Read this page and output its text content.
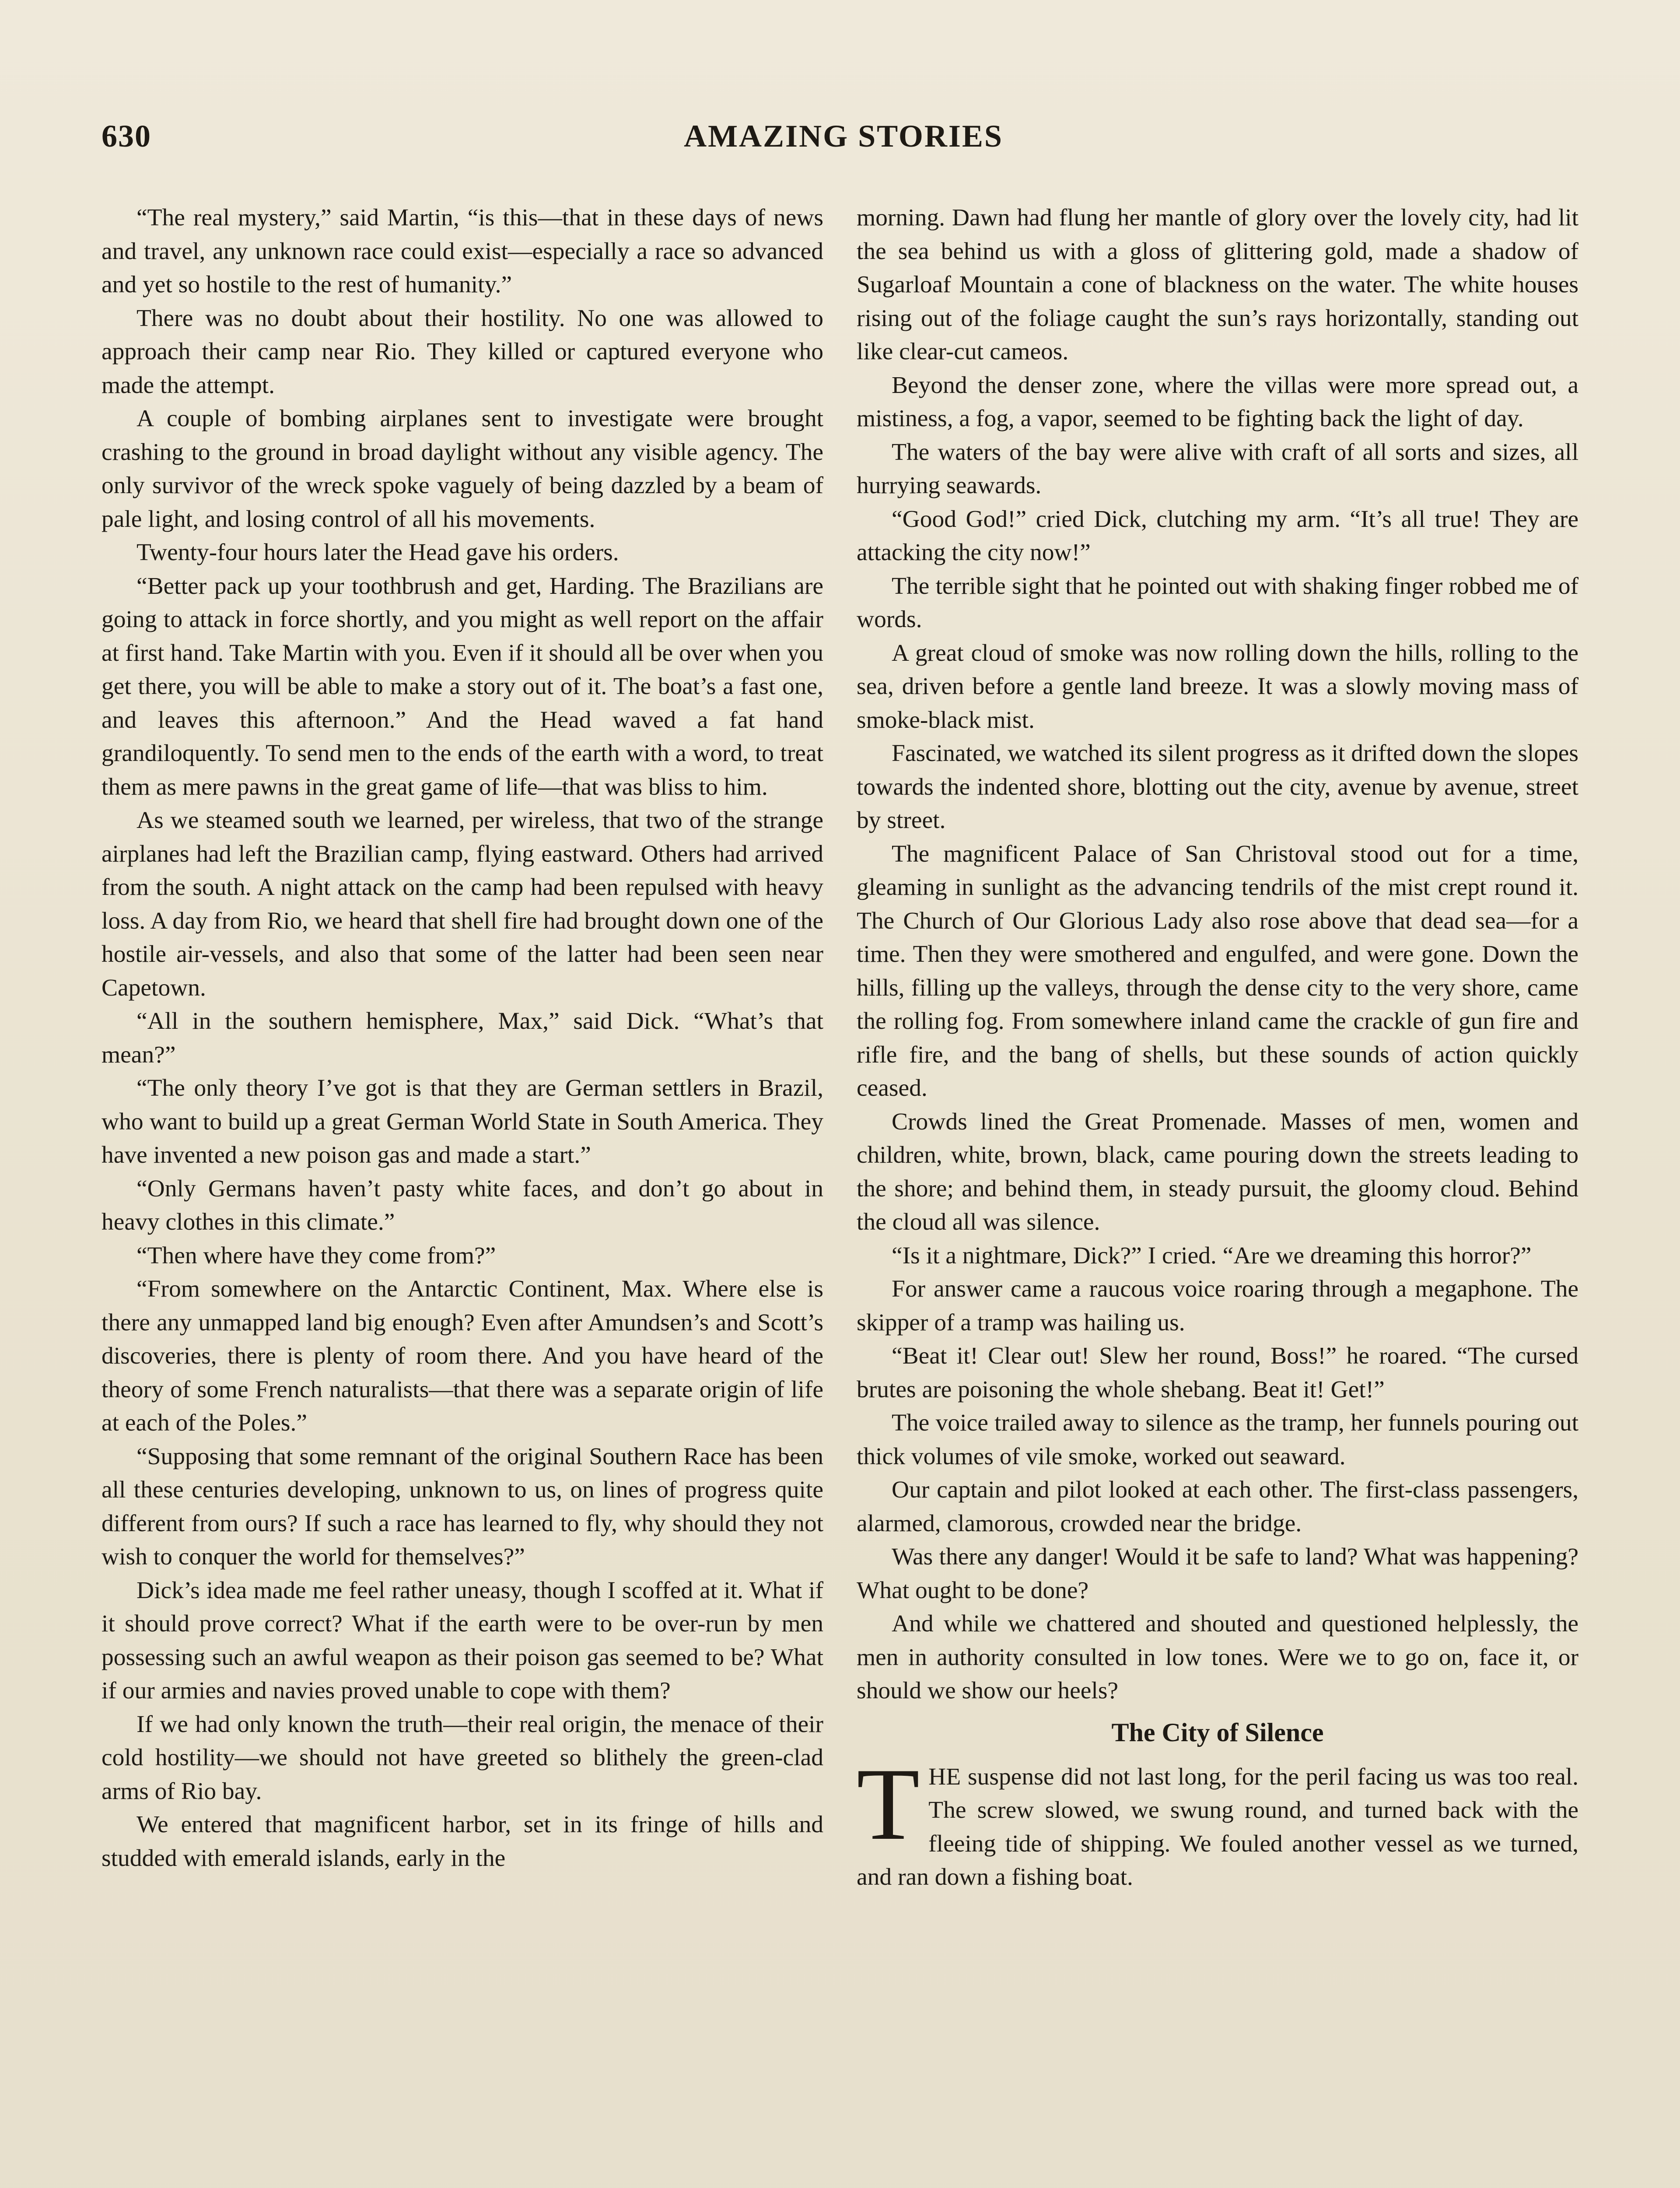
630	AMAZING STORIES

“The real mystery,” said Martin, “is this—that in these days of news and travel, any unknown race could exist—especially a race so advanced and yet so hostile to the rest of humanity.”

There was no doubt about their hostility. No one was allowed to approach their camp near Rio. They killed or captured everyone who made the attempt.

A couple of bombing airplanes sent to investigate were brought crashing to the ground in broad daylight without any visible agency. The only survivor of the wreck spoke vaguely of being dazzled by a beam of pale light, and losing control of all his movements.

Twenty-four hours later the Head gave his orders.

“Better pack up your toothbrush and get, Harding. The Brazilians are going to attack in force shortly, and you might as well report on the affair at first hand. Take Martin with you. Even if it should all be over when you get there, you will be able to make a story out of it. The boat’s a fast one, and leaves this afternoon.” And the Head waved a fat hand grandiloquently. To send men to the ends of the earth with a word, to treat them as mere pawns in the great game of life—that was bliss to him.

As we steamed south we learned, per wireless, that two of the strange airplanes had left the Brazilian camp, flying eastward. Others had arrived from the south. A night attack on the camp had been repulsed with heavy loss. A day from Rio, we heard that shell fire had brought down one of the hostile air-vessels, and also that some of the latter had been seen near Capetown.

“All in the southern hemisphere, Max,” said Dick. “What’s that mean?”

“The only theory I’ve got is that they are German settlers in Brazil, who want to build up a great German World State in South America. They have invented a new poison gas and made a start.”

“Only Germans haven’t pasty white faces, and don’t go about in heavy clothes in this climate.”

“Then where have they come from?”

“From somewhere on the Antarctic Continent, Max. Where else is there any unmapped land big enough? Even after Amundsen’s and Scott’s discoveries, there is plenty of room there. And you have heard of the theory of some French naturalists—that there was a separate origin of life at each of the Poles.”

“Supposing that some remnant of the original Southern Race has been all these centuries developing, unknown to us, on lines of progress quite different from ours? If such a race has learned to fly, why should they not wish to conquer the world for themselves?”

Dick’s idea made me feel rather uneasy, though I scoffed at it. What if it should prove correct? What if the earth were to be over-run by men possessing such an awful weapon as their poison gas seemed to be? What if our armies and navies proved unable to cope with them?

If we had only known the truth—their real origin, the menace of their cold hostility—we should not have greeted so blithely the green-clad arms of Rio bay.

We entered that magnificent harbor, set in its fringe of hills and studded with emerald islands, early in the

morning. Dawn had flung her mantle of glory over the lovely city, had lit the sea behind us with a gloss of glittering gold, made a shadow of Sugarloaf Mountain a cone of blackness on the water. The white houses rising out of the foliage caught the sun’s rays horizontally, standing out like clear-cut cameos.

Beyond the denser zone, where the villas were more spread out, a mistiness, a fog, a vapor, seemed to be fighting back the light of day.

The waters of the bay were alive with craft of all sorts and sizes, all hurrying seawards.

“Good God!” cried Dick, clutching my arm. “It’s all true! They are attacking the city now!”

The terrible sight that he pointed out with shaking finger robbed me of words.

A great cloud of smoke was now rolling down the hills, rolling to the sea, driven before a gentle land breeze. It was a slowly moving mass of smoke-black mist.

Fascinated, we watched its silent progress as it drifted down the slopes towards the indented shore, blotting out the city, avenue by avenue, street by street.

The magnificent Palace of San Christoval stood out for a time, gleaming in sunlight as the advancing tendrils of the mist crept round it. The Church of Our Glorious Lady also rose above that dead sea—for a time. Then they were smothered and engulfed, and were gone. Down the hills, filling up the valleys, through the dense city to the very shore, came the rolling fog. From somewhere inland came the crackle of gun fire and rifle fire, and the bang of shells, but these sounds of action quickly ceased.

Crowds lined the Great Promenade. Masses of men, women and children, white, brown, black, came pouring down the streets leading to the shore; and behind them, in steady pursuit, the gloomy cloud. Behind the cloud all was silence.

“Is it a nightmare, Dick?” I cried. “Are we dreaming this horror?”

For answer came a raucous voice roaring through a megaphone. The skipper of a tramp was hailing us.

“Beat it! Clear out! Slew her round, Boss!” he roared. “The cursed brutes are poisoning the whole shebang. Beat it! Get!”

The voice trailed away to silence as the tramp, her funnels pouring out thick volumes of vile smoke, worked out seaward.

Our captain and pilot looked at each other. The first-class passengers, alarmed, clamorous, crowded near the bridge.

Was there any danger! Would it be safe to land? What was happening? What ought to be done?

And while we chattered and shouted and questioned helplessly, the men in authority consulted in low tones. Were we to go on, face it, or should we show our heels?

The City of Silence

T HE suspense did not last long, for the peril facing us was too real. The screw slowed, we swung round, and turned back with the fleeing tide of shipping. We fouled another vessel as we turned, and ran down a fishing boat.
